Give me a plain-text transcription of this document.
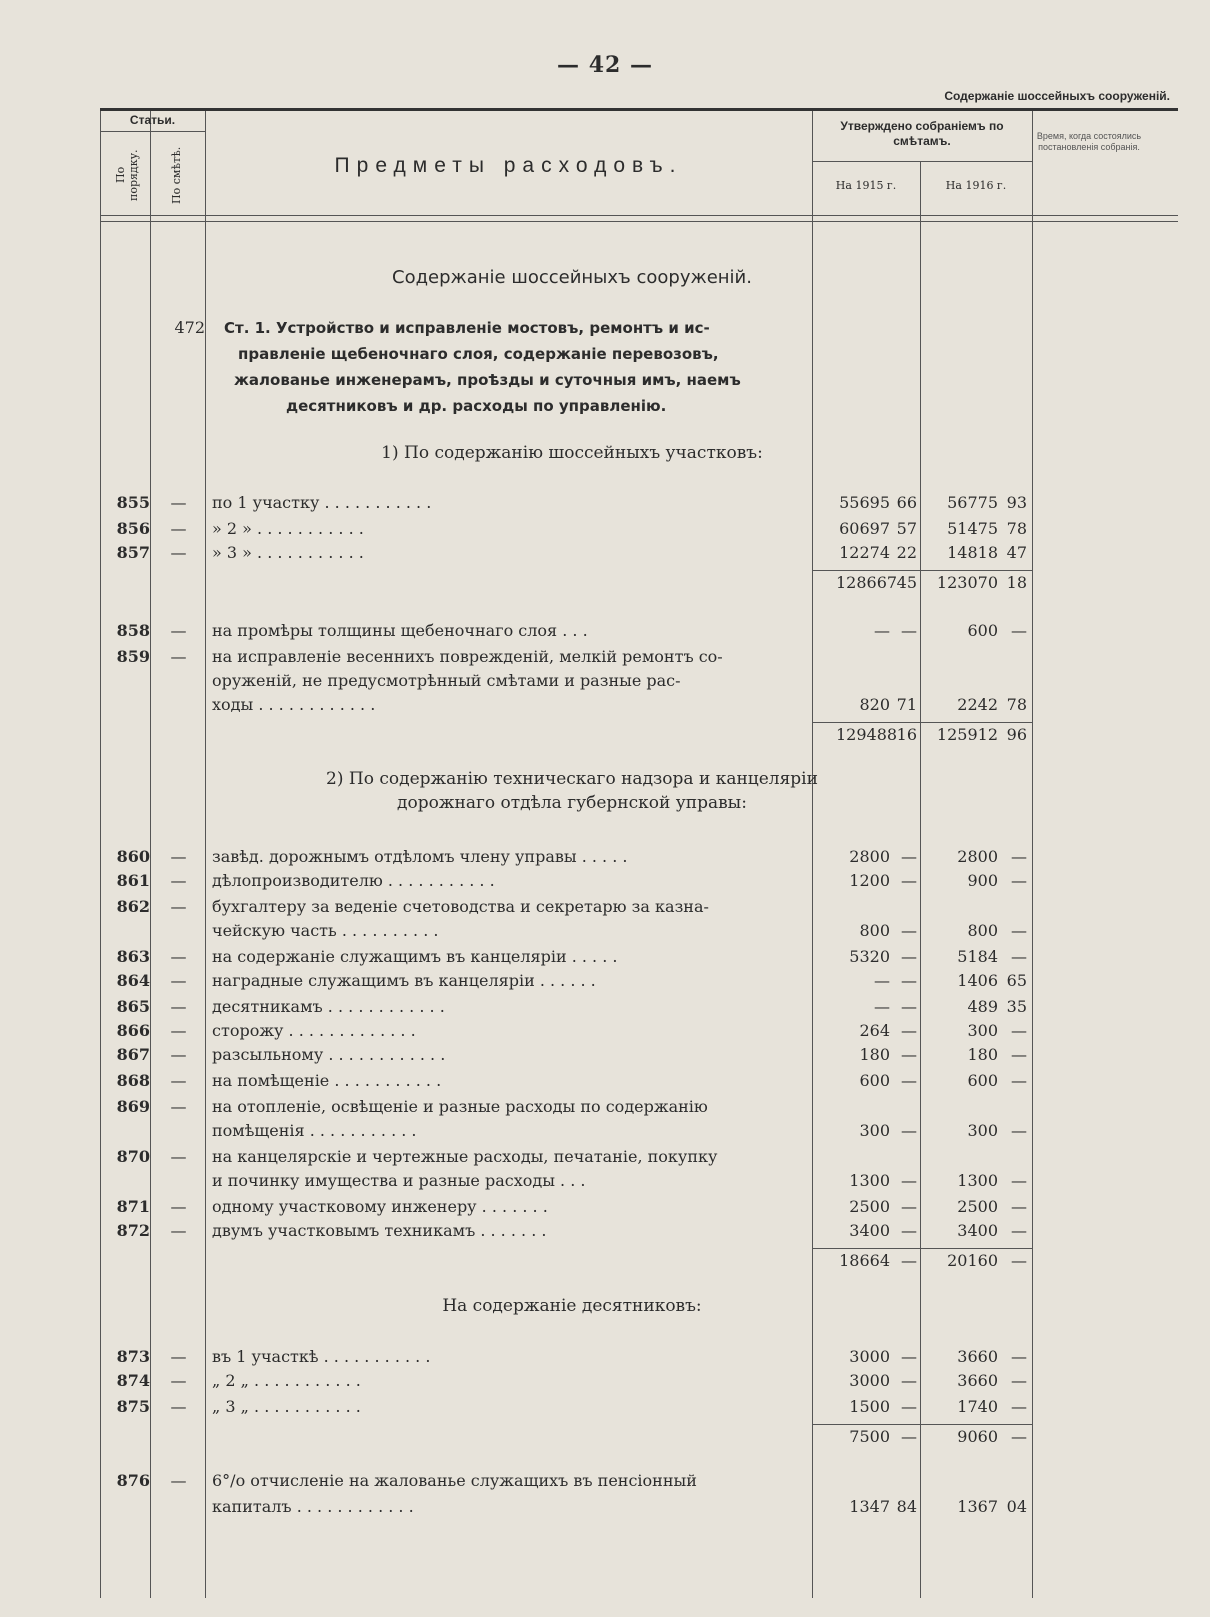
— 42 —
Содержаніе шоссейныхъ сооруженій.
Статьи.
По порядку.	По смѣтѣ.	Предметы расходовъ.
Утверждено собраніемъ по смѣтамъ.
На 1915 г.	На 1916 г.
Время, когда состоялись постановленія собранія.
Содержаніе шоссейныхъ сооруженій.
472 Ст. 1. Устройство и исправленіе мостовъ, ремонтъ и ис-
правленіе щебеночнаго слоя, содержаніе перевозовъ,
жалованье инженерамъ, проѣзды и суточныя имъ, наемъ
десятниковъ и др. расходы по управленію.
1) По содержанію шоссейныхъ участковъ:
2) По содержанію техническаго надзора и канцеляріи
дорожнаго отдѣла губернской управы:
На содержаніе десятниковъ:
855	—	по 1 участку . . . . . . . . . . .	55695 66	56775 93
856	—	» 2 » . . . . . . . . . . .	60697 57	51475 78
857	—	» 3 » . . . . . . . . . . .	12274 22	14818 47
128667 45	123070 18
858	—	на промѣры толщины щебеночнаго слоя . . .	— —	600 —
859	—	на исправленіе весеннихъ поврежденій, мелкій ремонтъ со-
оруженій, не предусмотрѣнный смѣтами и разные рас-
ходы . . . . . . . . . . . .	820 71	2242 78
129488 16	125912 96
860	—	завѣд. дорожнымъ отдѣломъ члену управы . . . . .	2800 —	2800 —
861	—	дѣлопроизводителю . . . . . . . . . . .	1200 —	900 —
862	—	бухгалтеру за веденіе счетоводства и секретарю за казна-
чейскую часть . . . . . . . . . .	800 —	800 —
863	—	на содержаніе служащимъ въ канцеляріи . . . . .	5320 —	5184 —
864	—	наградные служащимъ въ канцеляріи . . . . . .	— —	1406 65
865	—	десятникамъ . . . . . . . . . . . .	— —	489 35
866	—	сторожу . . . . . . . . . . . . .	264 —	300 —
867	—	разсыльному . . . . . . . . . . . .	180 —	180 —
868	—	на помѣщеніе . . . . . . . . . . .	600 —	600 —
869	—	на отопленіе, освѣщеніе и разные расходы по содержанію
помѣщенія . . . . . . . . . . .	300 —	300 —
870	—	на канцелярскіе и чертежные расходы, печатаніе, покупку
и починку имущества и разные расходы . . .	1300 —	1300 —
871	—	одному участковому инженеру . . . . . . .	2500 —	2500 —
872	—	двумъ участковымъ техникамъ . . . . . . .	3400 —	3400 —
18664 —	20160 —
873	—	въ 1 участкѣ . . . . . . . . . . .	3000 —	3660 —
874	—	„ 2 „ . . . . . . . . . . .	3000 —	3660 —
875	—	„ 3 „ . . . . . . . . . . .	1500 —	1740 —
7500 —	9060 —
876	—	6°/o отчисленіе на жалованье служащихъ въ пенсіонный
капиталъ . . . . . . . . . . . .	1347 84	1367 04
